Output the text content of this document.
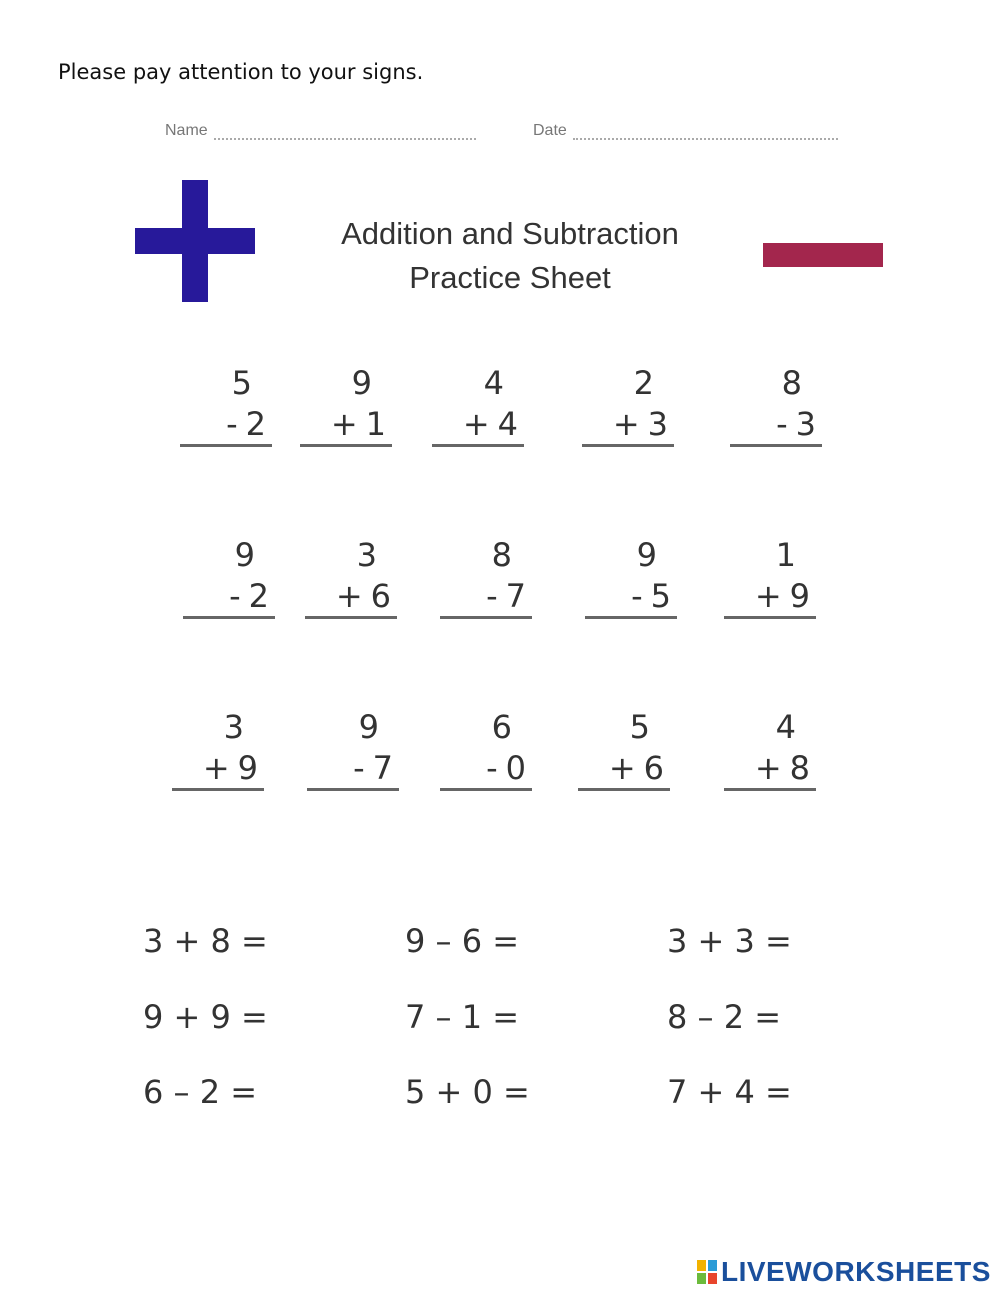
Please pay attention to your signs.
Name	Date
Addition and Subtraction
Practice Sheet
5
- 2
9
+ 1
4
+ 4
2
+ 3
8
- 3
9
- 2
3
+ 6
8
- 7
9
- 5
1
+ 9
3
+ 9
9
- 7
6
- 0
5
+ 6
4
+ 8
3 + 8 =	9 – 6 =	3 + 3 =
9 + 9 =	7 – 1 =	8 – 2 =
6 – 2 =	5 + 0 =	7 + 4 =
LIVEWORKSHEETS
